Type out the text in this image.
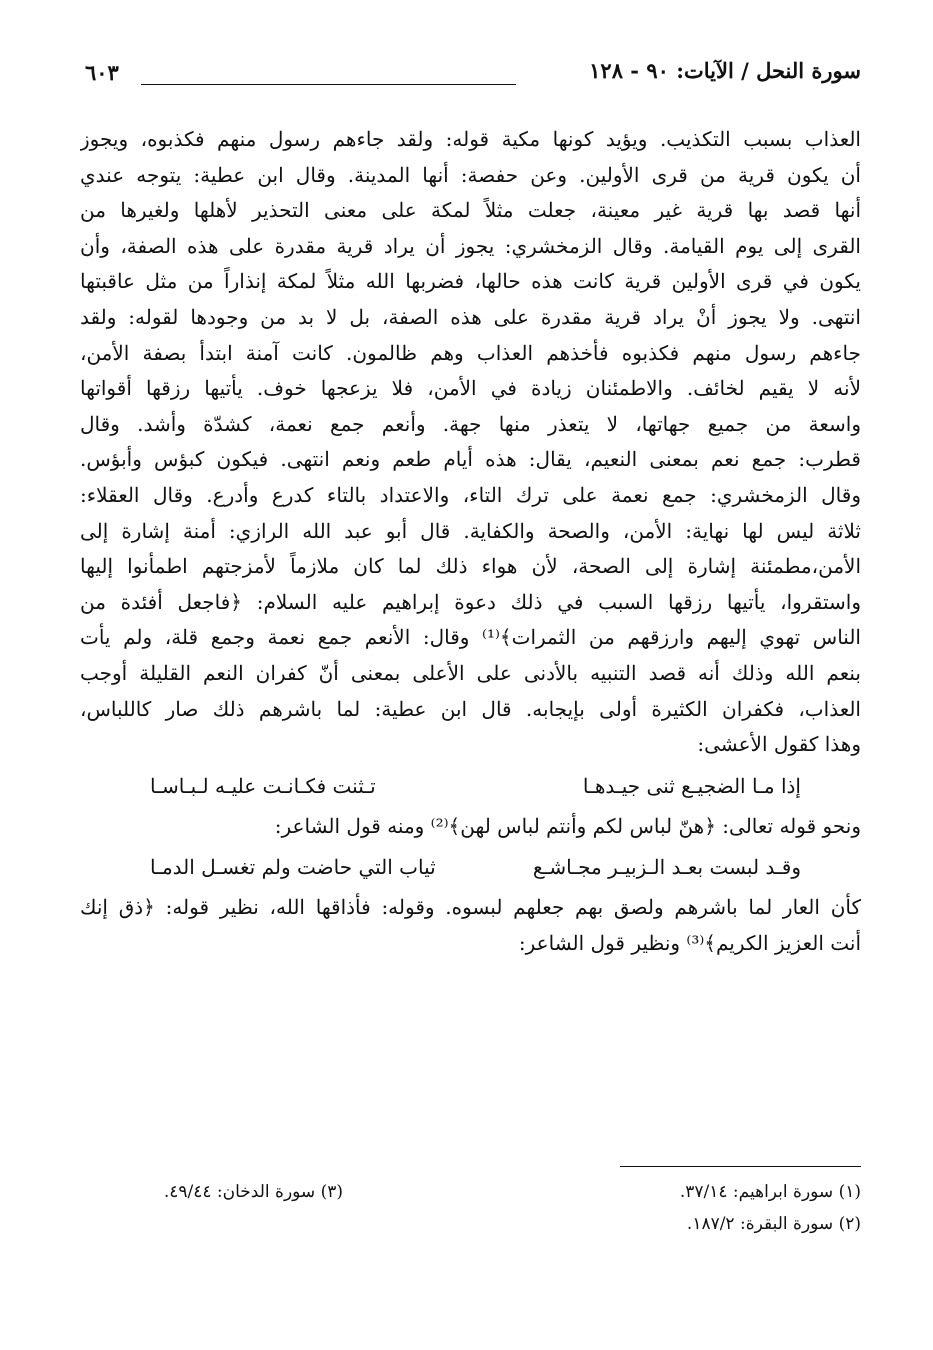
سورة النحل / الآيات: ٩٠ - ١٢٨
٦٠٣
العذاب بسبب التكذيب. ويؤيد كونها مكية قوله: ولقد جاءهم رسول منهم فكذبوه، ويجوز
أن يكون قرية من قرى الأولين. وعن حفصة: أنها المدينة. وقال ابن عطية: يتوجه عندي
أنها قصد بها قرية غير معينة، جعلت مثلاً لمكة على معنى التحذير لأهلها ولغيرها من
القرى إلى يوم القيامة. وقال الزمخشري: يجوز أن يراد قرية مقدرة على هذه الصفة، وأن
يكون في قرى الأولين قرية كانت هذه حالها، فضربها الله مثلاً لمكة إنذاراً من مثل عاقبتها
انتهى. ولا يجوز أنْ يراد قرية مقدرة على هذه الصفة، بل لا بد من وجودها لقوله: ولقد
جاءهم رسول منهم فكذبوه فأخذهم العذاب وهم ظالمون. كانت آمنة ابتدأ بصفة الأمن،
لأنه لا يقيم لخائف. والاطمئنان زيادة في الأمن، فلا يزعجها خوف. يأتيها رزقها أقواتها
واسعة من جميع جهاتها، لا يتعذر منها جهة. وأنعم جمع نعمة، كشدّة وأشد. وقال
قطرب: جمع نعم بمعنى النعيم، يقال: هذه أيام طعم ونعم انتهى. فيكون كبؤس وأبؤس.
وقال الزمخشري: جمع نعمة على ترك التاء، والاعتداد بالتاء كدرع وأدرع. وقال العقلاء:
ثلاثة ليس لها نهاية: الأمن، والصحة والكفاية. قال أبو عبد الله الرازي: أمنة إشارة إلى
الأمن،مطمئنة إشارة إلى الصحة، لأن هواء ذلك لما كان ملازماً لأمزجتهم اطمأنوا إليها
واستقروا، يأتيها رزقها السبب في ذلك دعوة إبراهيم عليه السلام: ﴿فاجعل أفئدة من
الناس تهوي إليهم وارزقهم من الثمرات﴾⁽¹⁾ وقال: الأنعم جمع نعمة وجمع قلة، ولم يأت
بنعم الله وذلك أنه قصد التنبيه بالأدنى على الأعلى بمعنى أنّ كفران النعم القليلة أوجب
العذاب، فكفران الكثيرة أولى بإيجابه. قال ابن عطية: لما باشرهم ذلك صار كاللباس،
وهذا كقول الأعشى:
إذا مـا الضجيـع ثنى جيـدهـا
تـثنت فكـانـت عليـه لـبـاسـا
ونحو قوله تعالى: ﴿هنّ لباس لكم وأنتم لباس لهن﴾⁽²⁾ ومنه قول الشاعر:
وقـد لبست بعـد الـزبيـر مجـاشـع
ثياب التي حاضت ولم تغسـل الدمـا
كأن العار لما باشرهم ولصق بهم جعلهم لبسوه. وقوله: فأذاقها الله، نظير قوله: ﴿ذق إنك
أنت العزيز الكريم﴾⁽³⁾ ونظير قول الشاعر:
(١) سورة ابراهيم: ٣٧/١٤.
(٢) سورة البقرة: ١٨٧/٢.
(٣) سورة الدخان: ٤٩/٤٤.
